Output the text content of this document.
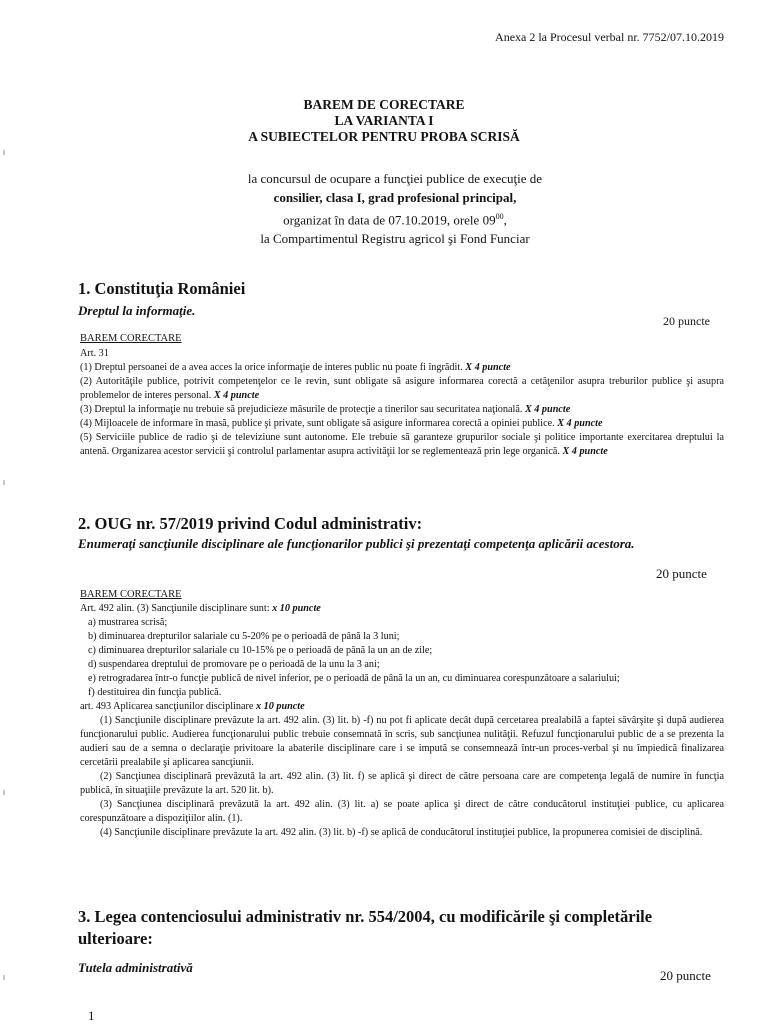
Anexa 2 la Procesul verbal nr. 7752/07.10.2019
BAREM DE CORECTARE
LA VARIANTA I
A SUBIECTELOR PENTRU PROBA SCRISĂ
la concursul de ocupare a funcţiei publice de execuţie de
consilier, clasa I, grad profesional principal,
organizat în data de 07.10.2019, orele $09^{00}$,
la Compartimentul Registru agricol şi Fond Funciar
1. Constituţia României
Dreptul la informaţie.
20 puncte
BAREM CORECTARE

Art. 31

(1) Dreptul persoanei de a avea acces la orice informaţie de interes public nu poate fi îngrădit. X 4 puncte

(2) Autorităţile publice, potrivit competenţelor ce le revin, sunt obligate să asigure informarea corectă a cetăţenilor asupra treburilor publice şi asupra problemelor de interes personal. X 4 puncte

(3) Dreptul la informaţie nu trebuie să prejudicieze măsurile de protecţie a tinerilor sau securitatea naţională. X 4 puncte

(4) Mijloacele de informare în masă, publice şi private, sunt obligate să asigure informarea corectă a opiniei publice. X 4 puncte

(5) Serviciile publice de radio şi de televiziune sunt autonome. Ele trebuie să garanteze grupurilor sociale şi politice importante exercitarea dreptului la antenă. Organizarea acestor servicii şi controlul parlamentar asupra activităţii lor se reglementează prin lege organică. X 4 puncte

2. OUG nr. 57/2019 privind Codul administrativ:
Enumeraţi sancţiunile disciplinare ale funcţionarilor publici şi prezentaţi competenţa aplicării acestora.
20 puncte
BAREM CORECTARE

Art. 492 alin. (3) Sancţiunile disciplinare sunt: x 10 puncte

a) mustrarea scrisă;

b) diminuarea drepturilor salariale cu 5-20% pe o perioadă de până la 3 luni;

c) diminuarea drepturilor salariale cu 10-15% pe o perioadă de până la un an de zile;

d) suspendarea dreptului de promovare pe o perioadă de la unu la 3 ani;

e) retrogradarea într-o funcţie publică de nivel inferior, pe o perioadă de până la un an, cu diminuarea corespunzătoare a salariului;

f) destituirea din funcţia publică.

art. 493 Aplicarea sancţiunilor disciplinare x 10 puncte

(1) Sancţiunile disciplinare prevăzute la art. 492 alin. (3) lit. b) -f) nu pot fi aplicate decât după cercetarea prealabilă a faptei săvârşite şi după audierea funcţionarului public. Audierea funcţionarului public trebuie consemnată în scris, sub sancţiunea nulităţii. Refuzul funcţionarului public de a se prezenta la audieri sau de a semna o declaraţie privitoare la abaterile disciplinare care i se impută se consemnează într-un proces-verbal şi nu împiedică finalizarea cercetării prealabile şi aplicarea sancţiunii.

(2) Sancţiunea disciplinară prevăzută la art. 492 alin. (3) lit. f) se aplică şi direct de către persoana care are competenţa legală de numire în funcţia publică, în situaţiile prevăzute la art. 520 lit. b).

(3) Sancţiunea disciplinară prevăzută la art. 492 alin. (3) lit. a) se poate aplica şi direct de către conducătorul instituţiei publice, cu aplicarea corespunzătoare a dispoziţiilor alin. (1).

(4) Sancţiunile disciplinare prevăzute la art. 492 alin. (3) lit. b) -f) se aplică de conducătorul instituţiei publice, la propunerea comisiei de disciplină.

3. Legea contenciosului administrativ nr. 554/2004, cu modificările şi completările ulterioare:
Tutela administrativă
20 puncte
1
